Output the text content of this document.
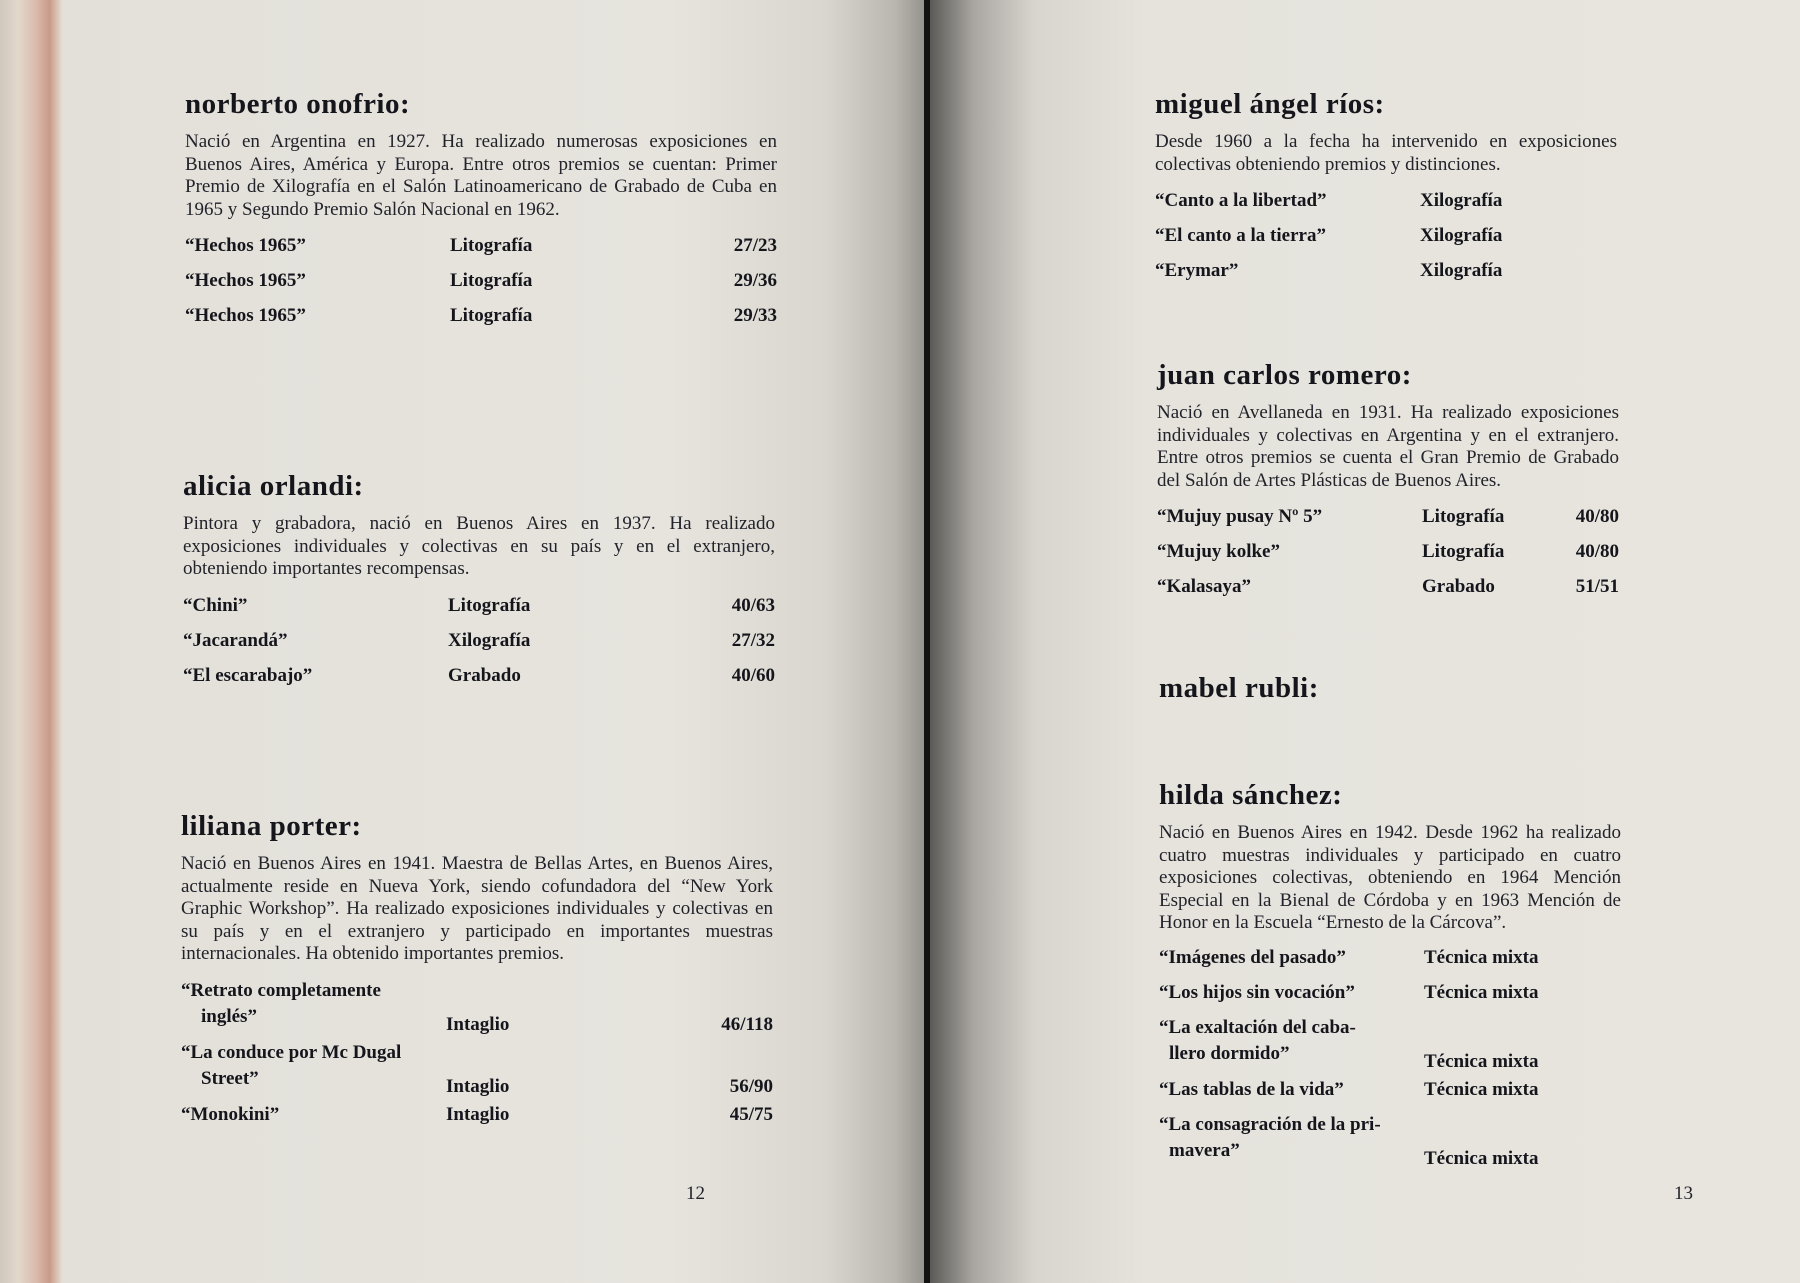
norberto onofrio:

Nació en Argentina en 1927. Ha realizado numerosas exposiciones en Buenos Aires, América y Europa. Entre otros premios se cuentan: Primer Premio de Xilografía en el Salón Latinoamericano de Grabado de Cuba en 1965 y Segundo Premio Salón Nacional en 1962.

“Hechos 1965”	Litografía	27/23
“Hechos 1965”	Litografía	29/36
“Hechos 1965”	Litografía	29/33
alicia orlandi:

Pintora y grabadora, nació en Buenos Aires en 1937. Ha realizado exposiciones individuales y colectivas en su país y en el extranjero, obteniendo importantes recompensas.

“Chini”	Litografía	40/63
“Jacarandá”	Xilografía	27/32
“El escarabajo”	Grabado	40/60
liliana porter:

Nació en Buenos Aires en 1941. Maestra de Bellas Artes, en Buenos Aires, actualmente reside en Nueva York, siendo cofundadora del “New York Graphic Workshop”. Ha realizado exposiciones individuales y colectivas en su país y en el extranjero y participado en importantes muestras internacionales. Ha obtenido importantes premios.

“Retrato completamente
inglés”	Intaglio	46/118

“La conduce por Mc Dugal
Street”	Intaglio	56/90
“Monokini”	Intaglio	45/75
12
miguel ángel ríos:

Desde 1960 a la fecha ha intervenido en exposiciones colectivas obteniendo premios y distinciones.

“Canto a la libertad”	Xilografía
“El canto a la tierra”	Xilografía
“Erymar”	Xilografía
juan carlos romero:

Nació en Avellaneda en 1931. Ha realizado exposiciones individuales y colectivas en Argentina y en el extranjero. Entre otros premios se cuenta el Gran Premio de Grabado del Salón de Artes Plásticas de Buenos Aires.

“Mujuy pusay Nº 5”	Litografía	40/80
“Mujuy kolke”	Litografía	40/80
“Kalasaya”	Grabado	51/51
mabel rubli:
hilda sánchez:

Nació en Buenos Aires en 1942. Desde 1962 ha realizado cuatro muestras individuales y participado en cuatro exposiciones colectivas, obteniendo en 1964 Mención Especial en la Bienal de Córdoba y en 1963 Mención de Honor en la Escuela “Ernesto de la Cárcova”.

“Imágenes del pasado”	Técnica mixta
“Los hijos sin vocación”	Técnica mixta

“La exaltación del caba-
llero dormido”	Técnica mixta
“Las tablas de la vida”	Técnica mixta

“La consagración de la pri-
mavera”	Técnica mixta
13
